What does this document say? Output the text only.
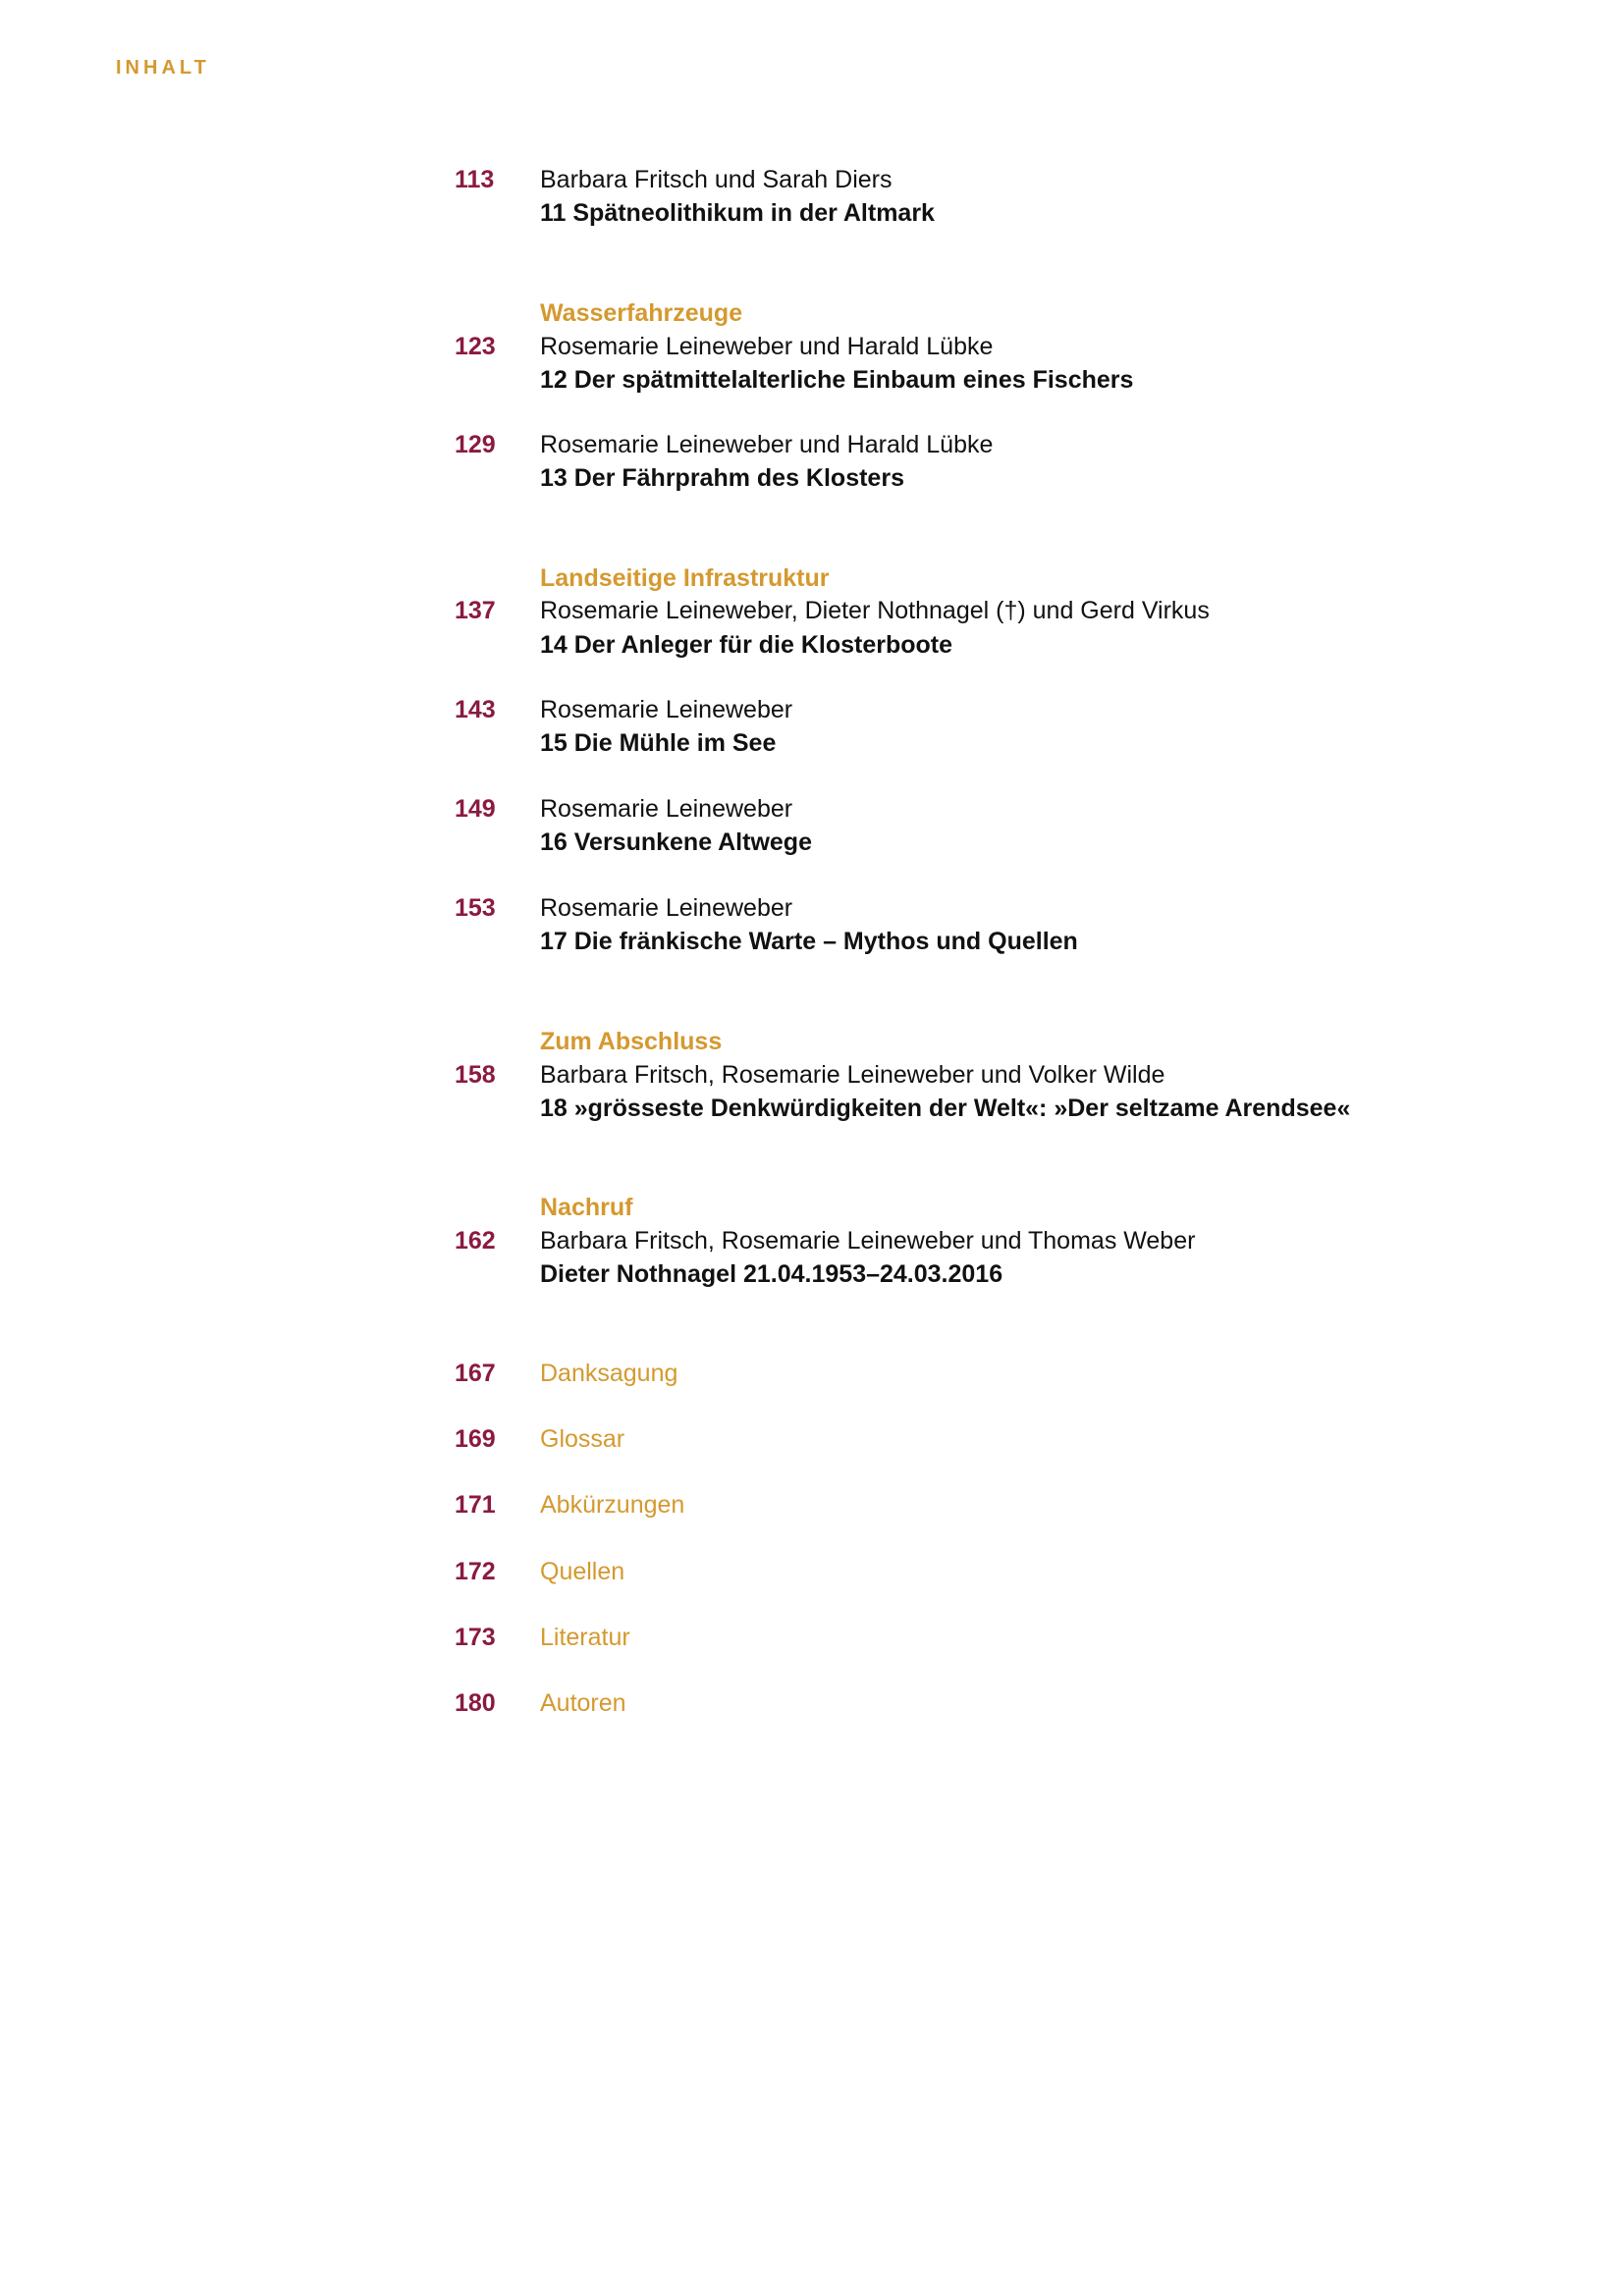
INHALT
113 Barbara Fritsch und Sarah Diers
11 Spätneolithikum in der Altmark
Wasserfahrzeuge
123 Rosemarie Leineweber und Harald Lübke
12 Der spätmittelalterliche Einbaum eines Fischers
129 Rosemarie Leineweber und Harald Lübke
13 Der Fährprahm des Klosters
Landseitige Infrastruktur
137 Rosemarie Leineweber, Dieter Nothnagel (†) und Gerd Virkus
14 Der Anleger für die Klosterboote
143 Rosemarie Leineweber
15 Die Mühle im See
149 Rosemarie Leineweber
16 Versunkene Altwege
153 Rosemarie Leineweber
17 Die fränkische Warte – Mythos und Quellen
Zum Abschluss
158 Barbara Fritsch, Rosemarie Leineweber und Volker Wilde
18 »grösseste Denkwürdigkeiten der Welt«: »Der seltzame Arendsee«
Nachruf
162 Barbara Fritsch, Rosemarie Leineweber und Thomas Weber
Dieter Nothnagel 21.04.1953–24.03.2016
167 Danksagung
169 Glossar
171 Abkürzungen
172 Quellen
173 Literatur
180 Autoren
